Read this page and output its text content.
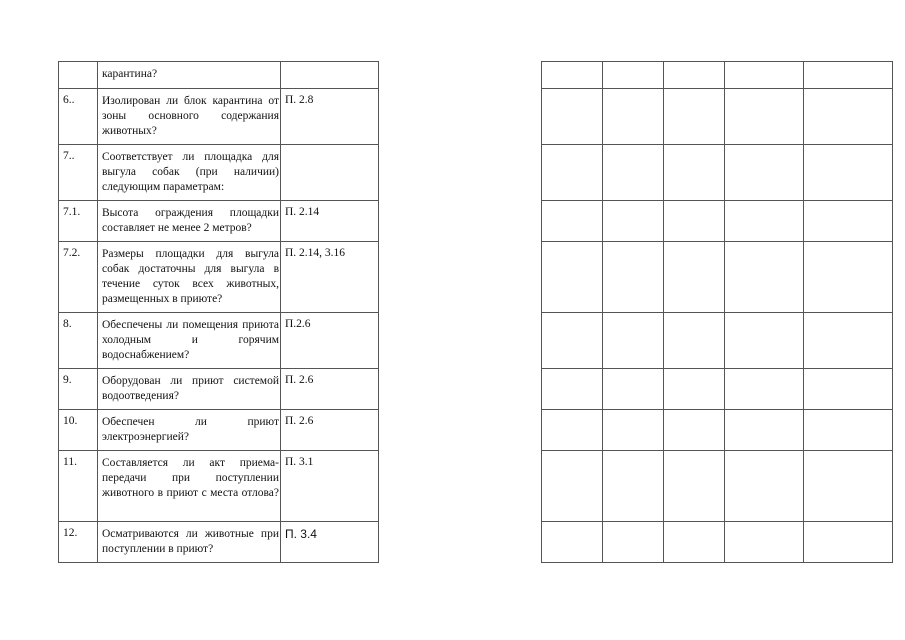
	карантина?	
6..	Изолирован ли блок карантина от зоны основного содержания животных?	П. 2.8
7..	Соответствует ли площадка для выгула собак (при наличии) следующим параметрам:	
7.1.	Высота ограждения площадки составляет не менее 2 метров?	П. 2.14
7.2.	Размеры площадки для выгула собак достаточны для выгула в течение суток всех животных, размещенных в приюте?	П. 2.14, 3.16
8.	Обеспечены ли помещения приюта холодным и горячим водоснабжением?	П.2.6
9.	Оборудован ли приют системой водоотведения?	П. 2.6
10.	Обеспечен ли приют электроэнергией?	П. 2.6
11.	Составляется ли акт приема-передачи при поступлении животного в приют с места отлова?	П. 3.1
12.	Осматриваются ли животные при поступлении в приют?	П. 3.4
